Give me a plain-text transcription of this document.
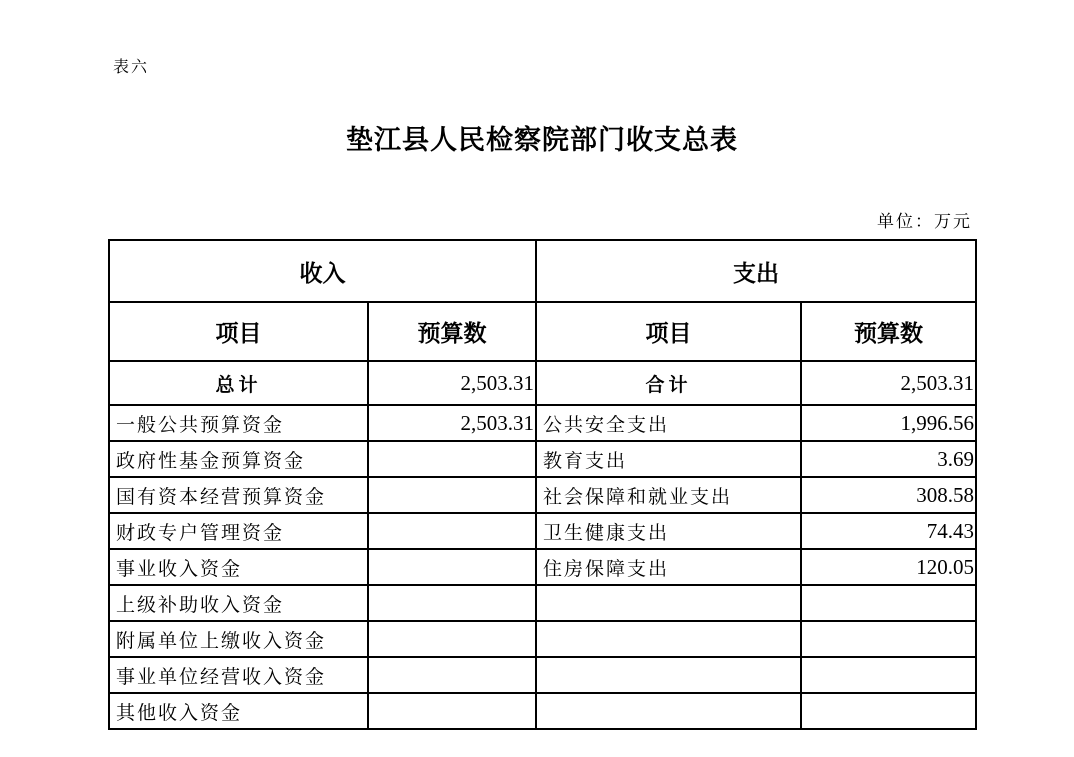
表六
垫江县人民检察院部门收支总表
单位：万元
收入		支出	
项目	预算数	项目	预算数
总计	2,503.31	合计	2,503.31
一般公共预算资金	2,503.31	公共安全支出	1,996.56
政府性基金预算资金		教育支出	3.69
国有资本经营预算资金		社会保障和就业支出	308.58
财政专户管理资金		卫生健康支出	74.43
事业收入资金		住房保障支出	120.05
上级补助收入资金			
附属单位上缴收入资金			
事业单位经营收入资金			
其他收入资金			
